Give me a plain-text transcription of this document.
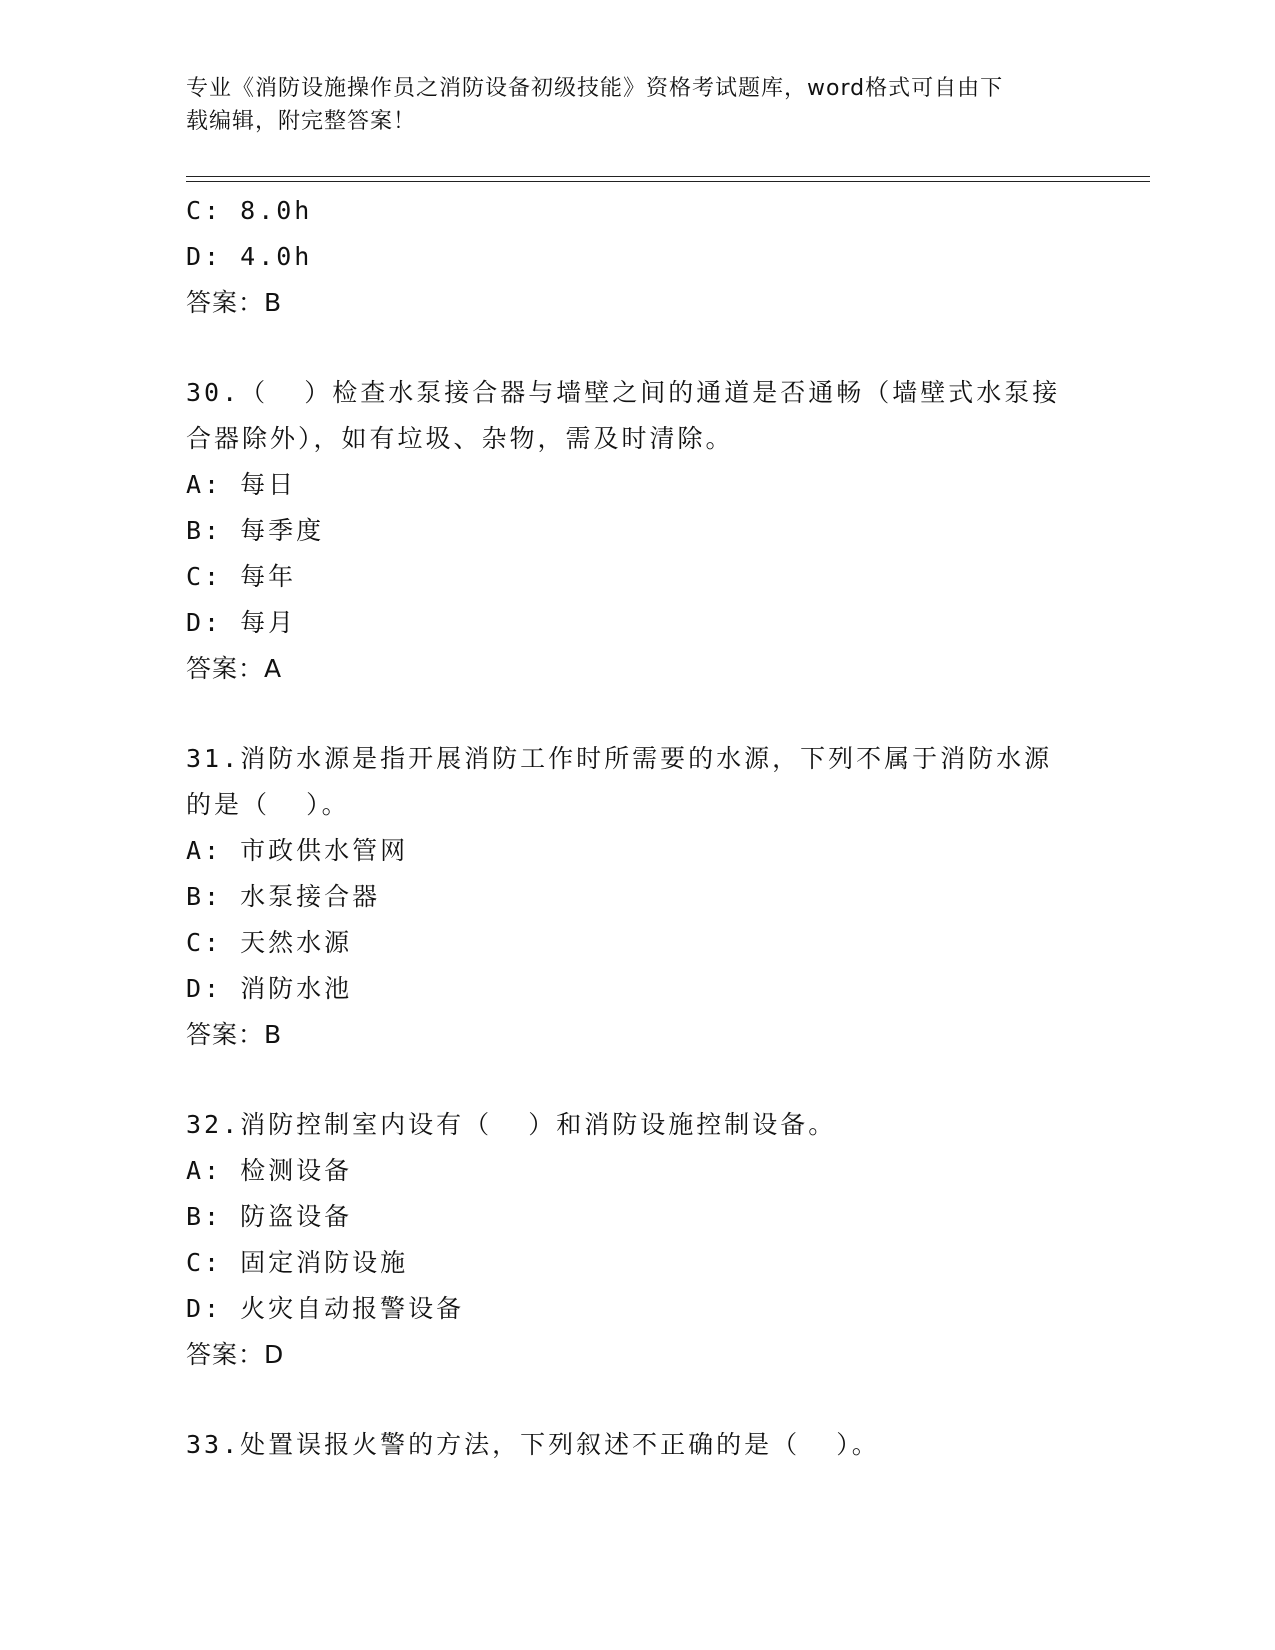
专业《消防设施操作员之消防设备初级技能》资格考试题库，word格式可自由下
载编辑，附完整答案！
C: 8.0h
D: 4.0h
答案：B
30.（  ）检查水泵接合器与墙壁之间的通道是否通畅（墙壁式水泵接
合器除外），如有垃圾、杂物，需及时清除。
A: 每日
B: 每季度
C: 每年
D: 每月
答案：A
31.消防水源是指开展消防工作时所需要的水源，下列不属于消防水源
的是（  ）。
A: 市政供水管网
B: 水泵接合器
C: 天然水源
D: 消防水池
答案：B
32.消防控制室内设有（  ）和消防设施控制设备。
A: 检测设备
B: 防盗设备
C: 固定消防设施
D: 火灾自动报警设备
答案：D
33.处置误报火警的方法，下列叙述不正确的是（  ）。
